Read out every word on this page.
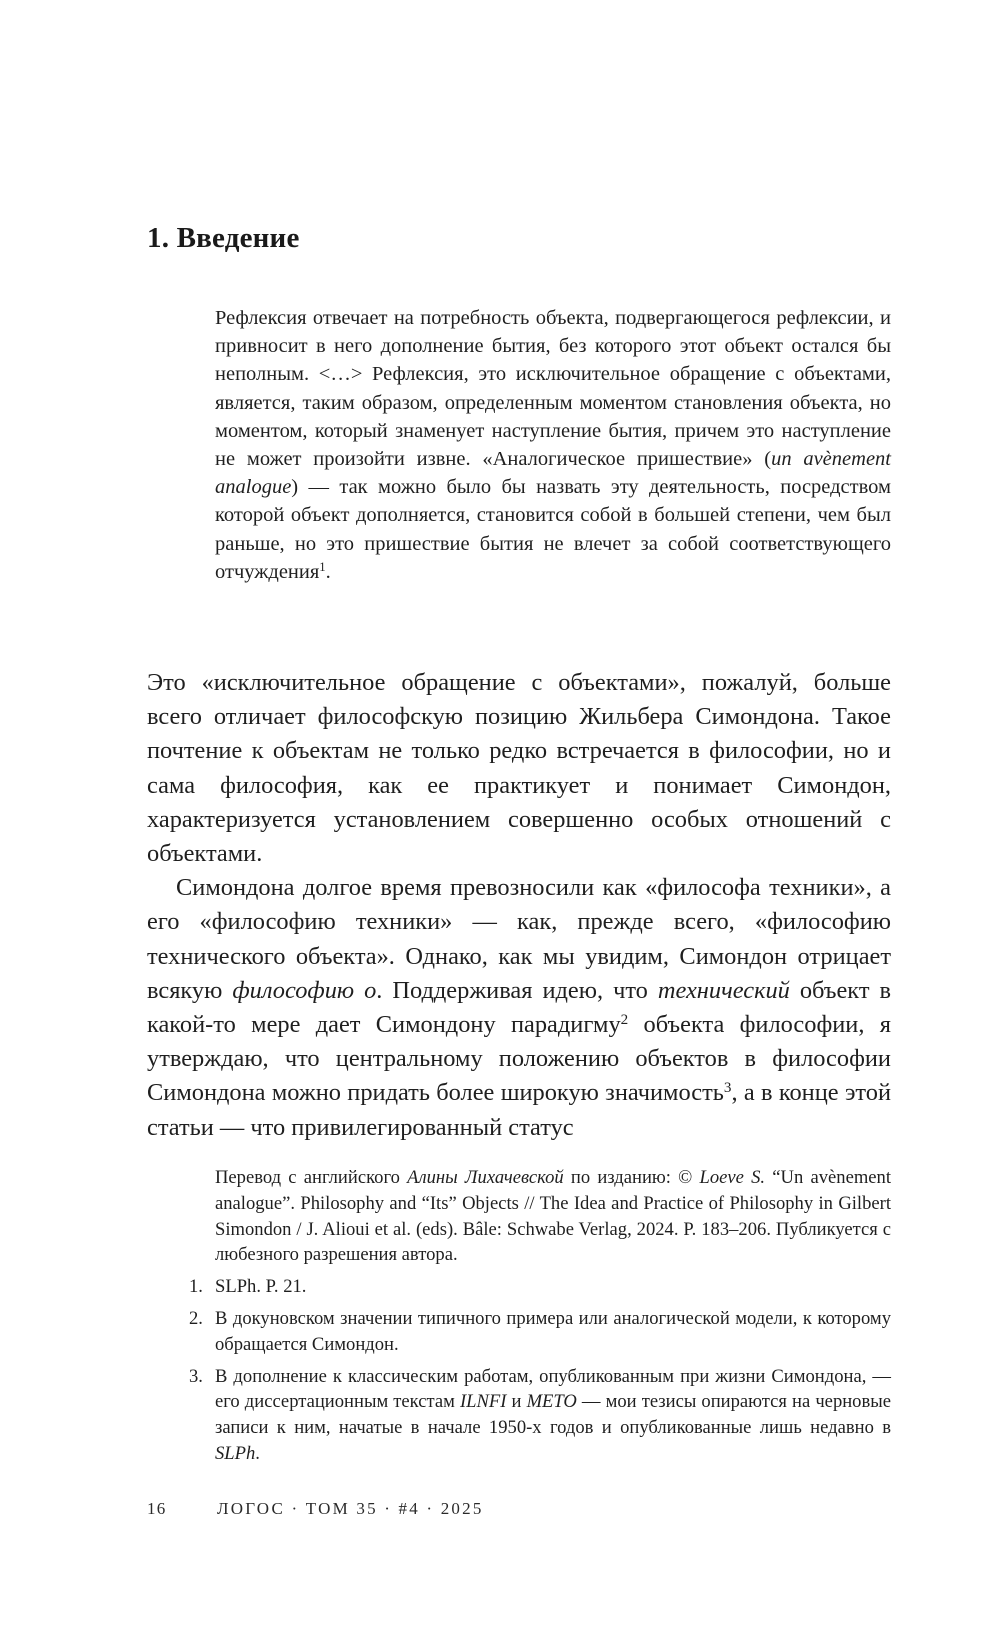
1. Введение

Рефлексия отвечает на потребность объекта, подвергающегося рефлексии, и привносит в него дополнение бытия, без которого этот объект остался бы неполным. <…> Рефлексия, это исключительное обращение с объектами, является, таким образом, определенным моментом становления объекта, но моментом, который знаменует наступление бытия, причем это наступление не может произойти извне. «Аналогическое пришествие» (un avènement analogue) — так можно было бы назвать эту деятельность, посредством которой объект дополняется, становится собой в большей степени, чем был раньше, но это пришествие бытия не влечет за собой соответствующего отчуждения$^1$.

Это «исключительное обращение с объектами», пожалуй, больше всего отличает философскую позицию Жильбера Симондона. Такое почтение к объектам не только редко встречается в философии, но и сама философия, как ее практикует и понимает Симондон, характеризуется установлением совершенно особых отношений с объектами.

Симондона долгое время превозносили как «философа техники», а его «философию техники» — как, прежде всего, «философию технического объекта». Однако, как мы увидим, Симондон отрицает всякую философию о. Поддерживая идею, что технический объект в какой-то мере дает Симондону парадигму$^2$ объекта философии, я утверждаю, что центральному положению объектов в философии Симондона можно придать более широкую значимость$^3$, а в конце этой статьи — что привилегированный статус

Перевод с английского Алины Лихачевской по изданию: © Loeve S. “Un avènement analogue”. Philosophy and “Its” Objects // The Idea and Practice of Philosophy in Gilbert Simondon / J. Alioui et al. (eds). Bâle: Schwabe Verlag, 2024. P. 183–206. Публикуется с любезного разрешения автора.

1. SLPh. P. 21.
2. В докуновском значении типичного примера или аналогической модели, к которому обращается Симондон.
3. В дополнение к классическим работам, опубликованным при жизни Симондона, — его диссертационным текстам ILNFI и METO — мои тезисы опираются на черновые записи к ним, начатые в начале 1950-х годов и опубликованные лишь недавно в SLPh.
16	ЛОГОС · ТОМ 35 · #4 · 2025
